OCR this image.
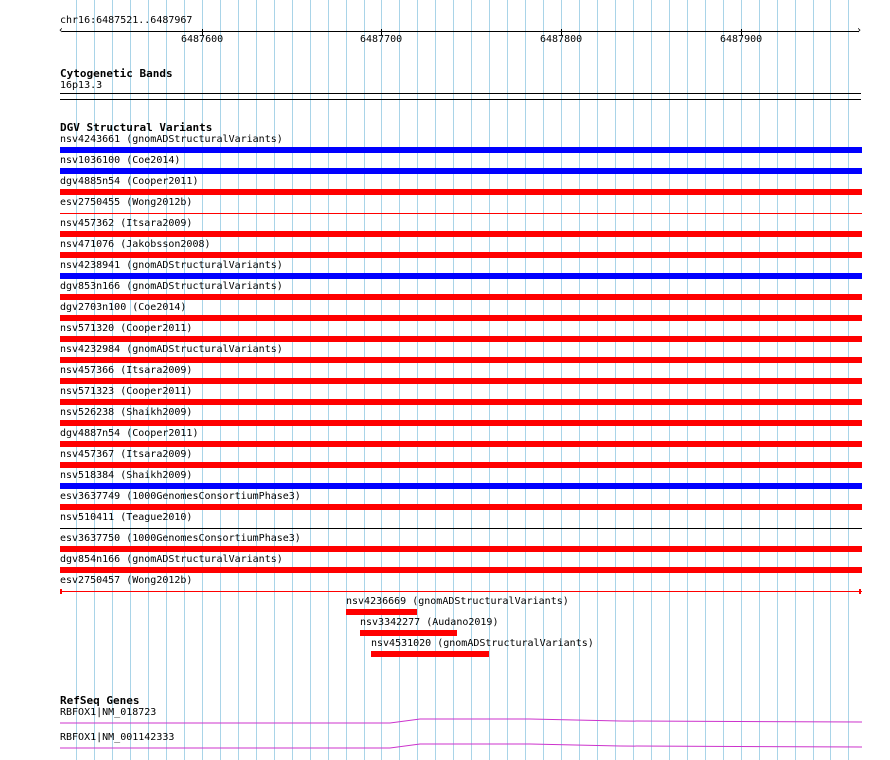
chr16:6487521..6487967
‹	›
6487600	6487700	6487800	6487900
Cytogenetic Bands
16p13.3
DGV Structural Variants
nsv4243661 (gnomADStructuralVariants)
nsv1036100 (Coe2014)
dgv4885n54 (Cooper2011)
esv2750455 (Wong2012b)
nsv457362 (Itsara2009)
nsv471076 (Jakobsson2008)
nsv4238941 (gnomADStructuralVariants)
dgv853n166 (gnomADStructuralVariants)
dgv2703n100 (Coe2014)
nsv571320 (Cooper2011)
nsv4232984 (gnomADStructuralVariants)
nsv457366 (Itsara2009)
nsv571323 (Cooper2011)
nsv526238 (Shaikh2009)
dgv4887n54 (Cooper2011)
nsv457367 (Itsara2009)
nsv518384 (Shaikh2009)
esv3637749 (1000GenomesConsortiumPhase3)
nsv510411 (Teague2010)
esv3637750 (1000GenomesConsortiumPhase3)
dgv854n166 (gnomADStructuralVariants)
esv2750457 (Wong2012b)
nsv4236669 (gnomADStructuralVariants)
nsv3342277 (Audano2019)
nsv4531020 (gnomADStructuralVariants)
RefSeq Genes
RBFOX1|NM_018723
RBFOX1|NM_001142333
